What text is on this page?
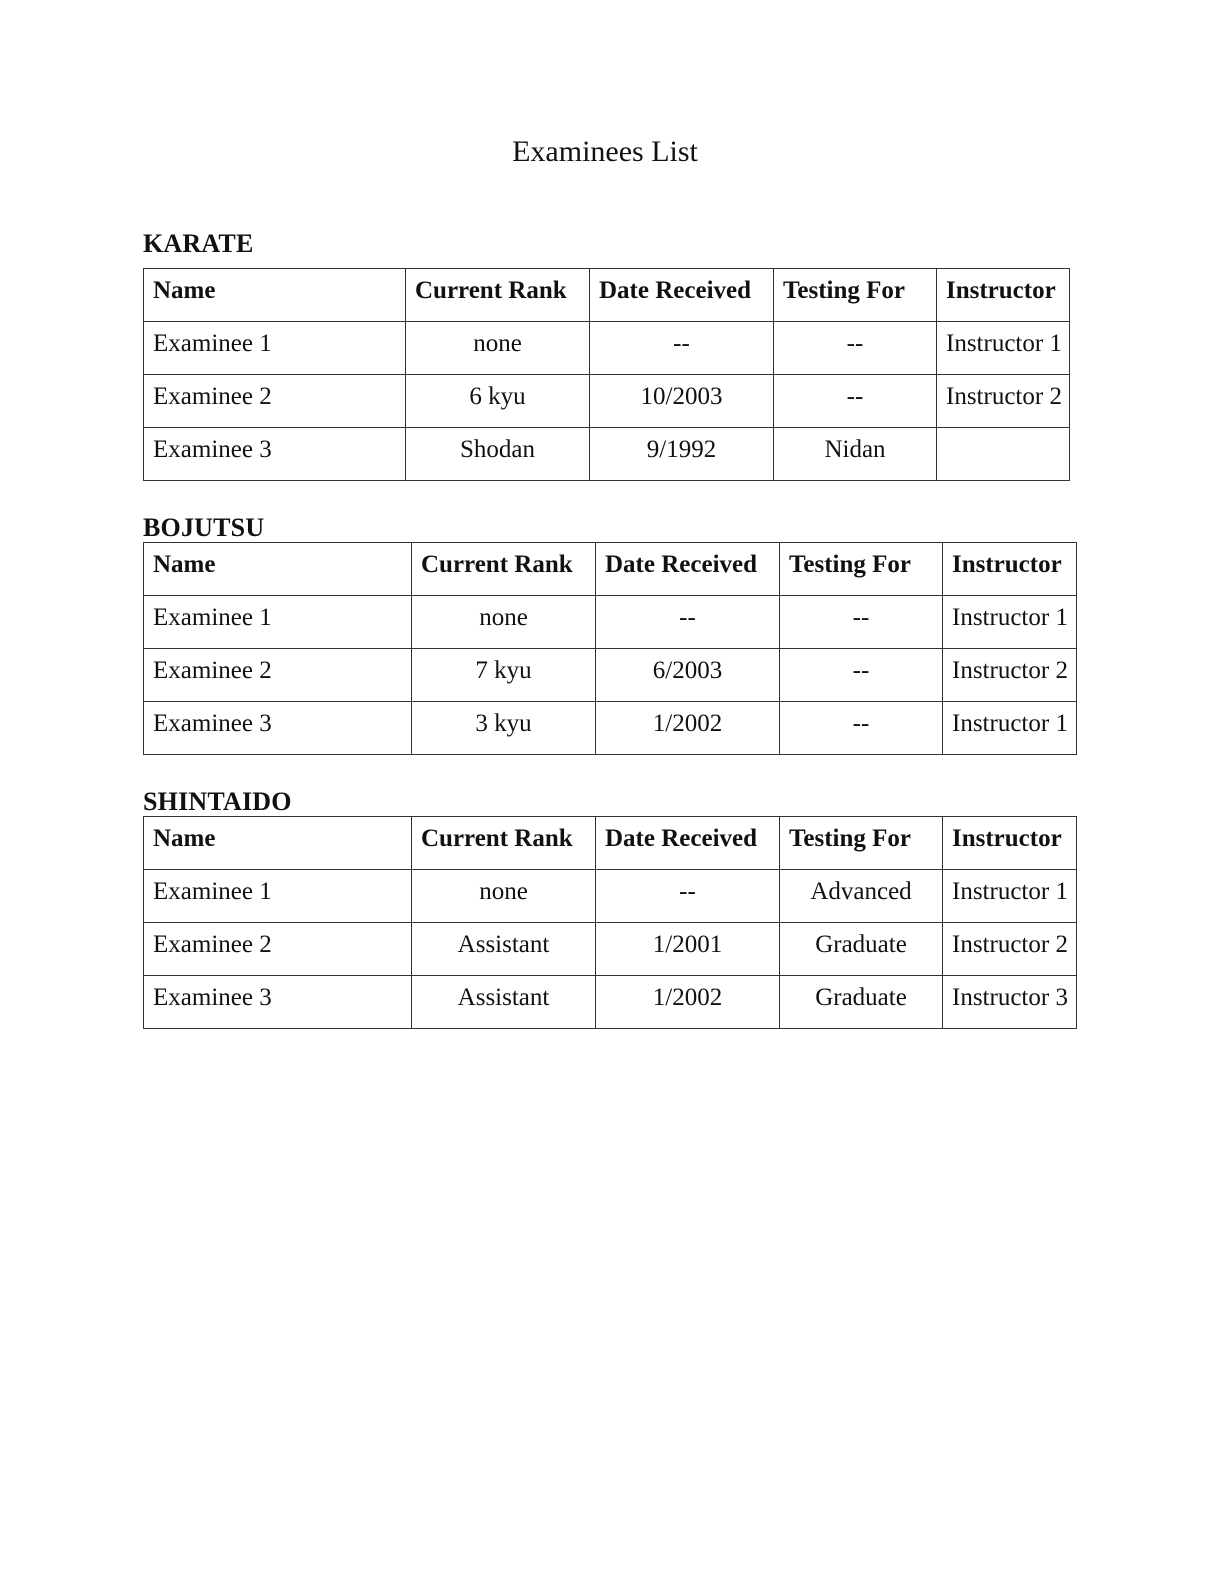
Examinees List
KARATE
Name	Current Rank	Date Received	Testing For	Instructor
Examinee 1	none	--	--	Instructor 1
Examinee 2	6 kyu	10/2003	--	Instructor 2
Examinee 3	Shodan	9/1992	Nidan	
BOJUTSU
Name	Current Rank	Date Received	Testing For	Instructor
Examinee 1	none	--	--	Instructor 1
Examinee 2	7 kyu	6/2003	--	Instructor 2
Examinee 3	3 kyu	1/2002	--	Instructor 1
SHINTAIDO
Name	Current Rank	Date Received	Testing For	Instructor
Examinee 1	none	--	Advanced	Instructor 1
Examinee 2	Assistant	1/2001	Graduate	Instructor 2
Examinee 3	Assistant	1/2002	Graduate	Instructor 3
